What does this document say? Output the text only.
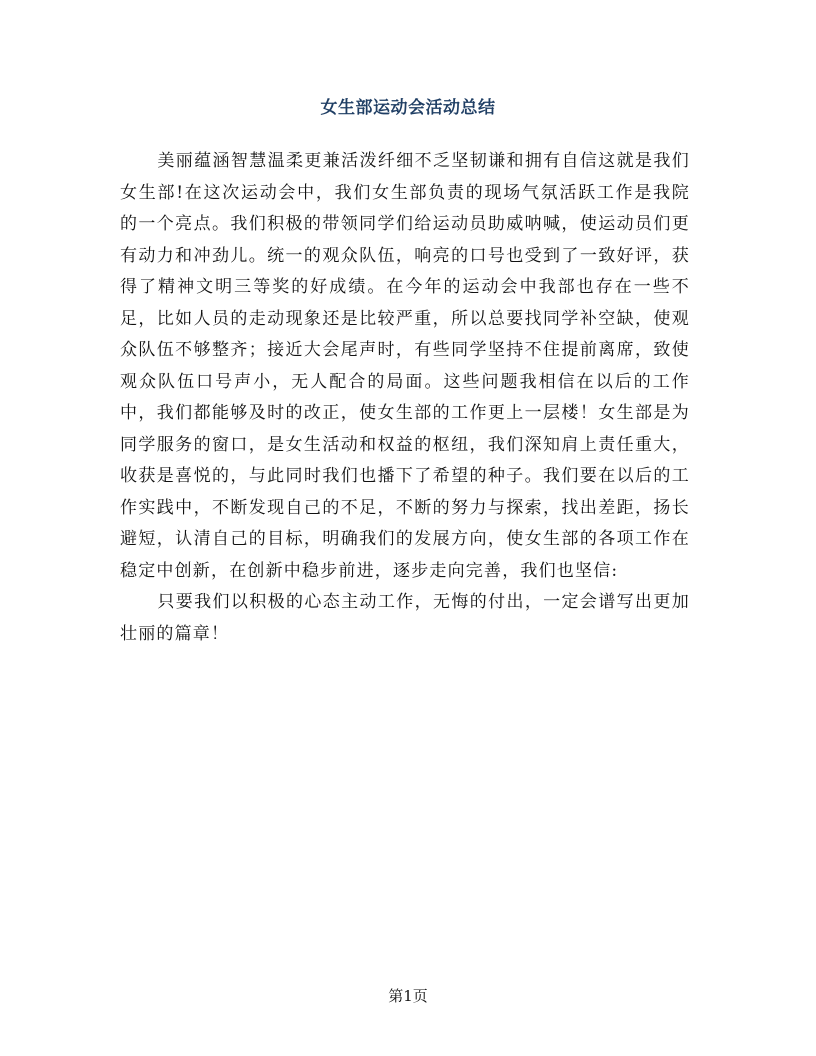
女生部运动会活动总结

美丽蕴涵智慧温柔更兼活泼纤细不乏坚韧谦和拥有自信这就是我们女生部!在这次运动会中，我们女生部负责的现场气氛活跃工作是我院的一个亮点。我们积极的带领同学们给运动员助威呐喊，使运动员们更有动力和冲劲儿。统一的观众队伍，响亮的口号也受到了一致好评，获得了精神文明三等奖的好成绩。在今年的运动会中我部也存在一些不足，比如人员的走动现象还是比较严重，所以总要找同学补空缺，使观众队伍不够整齐；接近大会尾声时，有些同学坚持不住提前离席，致使观众队伍口号声小，无人配合的局面。这些问题我相信在以后的工作中，我们都能够及时的改正，使女生部的工作更上一层楼！女生部是为同学服务的窗口，是女生活动和权益的枢纽，我们深知肩上责任重大，收获是喜悦的，与此同时我们也播下了希望的种子。我们要在以后的工作实践中，不断发现自己的不足，不断的努力与探索，找出差距，扬长避短，认清自己的目标，明确我们的发展方向，使女生部的各项工作在稳定中创新，在创新中稳步前进，逐步走向完善，我们也坚信:

只要我们以积极的心态主动工作，无悔的付出，一定会谱写出更加壮丽的篇章！

第1页
